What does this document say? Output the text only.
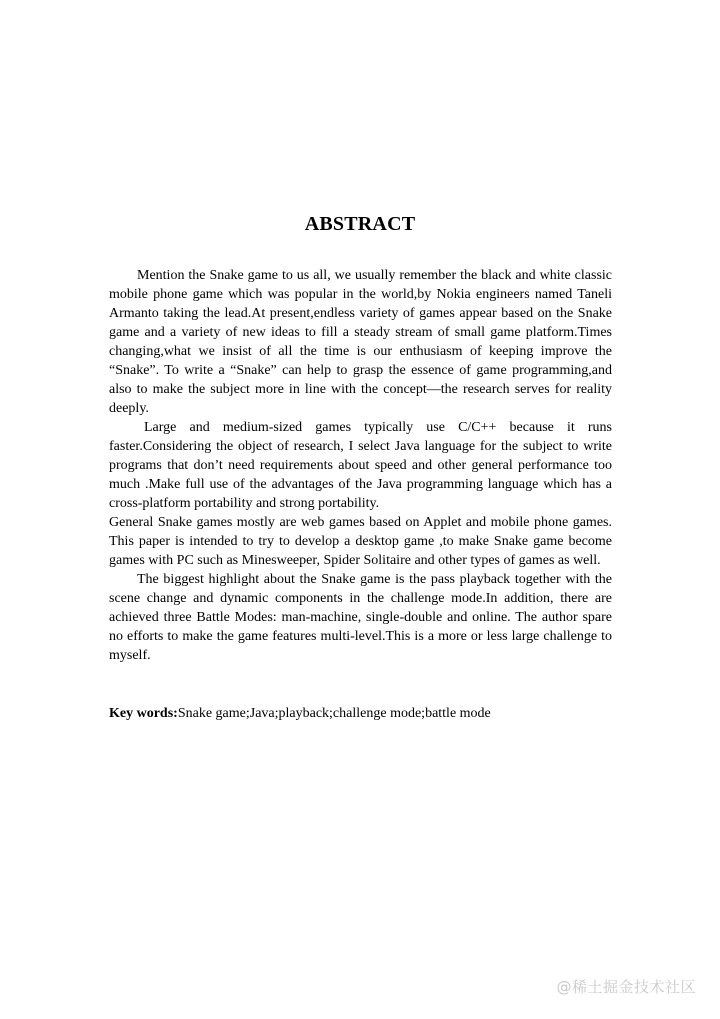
ABSTRACT

Mention the Snake game to us all, we usually remember the black and white classic mobile phone game which was popular in the world,by Nokia engineers named Taneli Armanto taking the lead.At present,endless variety of games appear based on the Snake game and a variety of new ideas to fill a steady stream of small game platform.Times changing,what we insist of all the time is our enthusiasm of keeping improve the “Snake”. To write a “Snake” can help to grasp the essence of game programming,and also to make the subject more in line with the concept—the research serves for reality deeply.

Large and medium-sized games typically use C/C++ because it runs faster.Considering the object of research, I select Java language for the subject to write programs that don’t need requirements about speed and other general performance too much .Make full use of the advantages of the Java programming language which has a cross-platform portability and strong portability.

General Snake games mostly are web games based on Applet and mobile phone games. This paper is intended to try to develop a desktop game ,to make Snake game become games with PC such as Minesweeper, Spider Solitaire and other types of games as well.

The biggest highlight about the Snake game is the pass playback together with the scene change and dynamic components in the challenge mode.In addition, there are achieved three Battle Modes: man-machine, single-double and online. The author spare no efforts to make the game features multi-level.This is a more or less large challenge to myself.

Key words:Snake game;Java;playback;challenge mode;battle mode
@稀土掘金技术社区
